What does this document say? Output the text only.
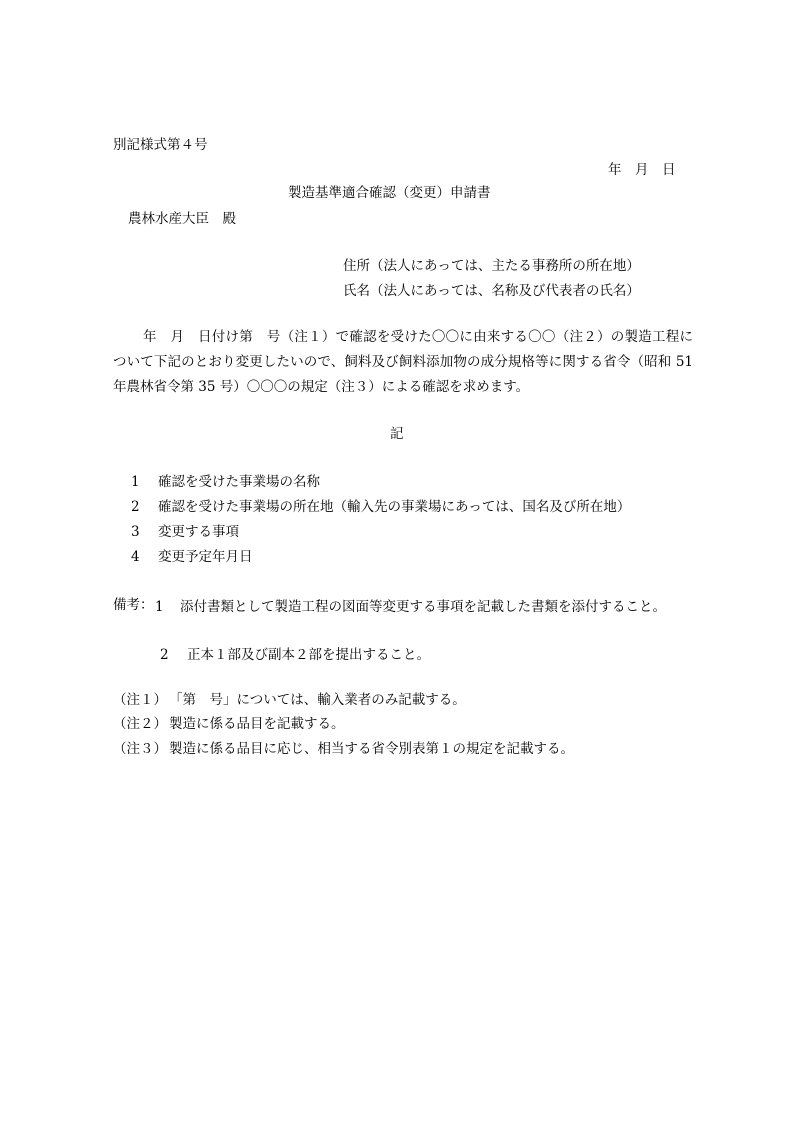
別記様式第４号
年　月　日
製造基準適合確認（変更）申請書
農林水産大臣　殿
住所（法人にあっては、主たる事務所の所在地）
氏名（法人にあっては、名称及び代表者の氏名）
年　月　日付け第　号（注１）で確認を受けた〇〇に由来する〇〇（注２）の製造工程について下記のとおり変更したいので、飼料及び飼料添加物の成分規格等に関する省令（昭和 51 年農林省令第 35 号）〇〇〇の規定（注３）による確認を求めます。
記
1	確認を受けた事業場の名称
2	確認を受けた事業場の所在地（輸入先の事業場にあっては、国名及び所在地）
3	変更する事項
4	変更予定年月日
備考： 1	添付書類として製造工程の図面等変更する事項を記載した書類を添付すること。
2	正本１部及び副本２部を提出すること。
（注１） 「第　号」については、輸入業者のみ記載する。
（注２） 製造に係る品目を記載する。
（注３） 製造に係る品目に応じ、相当する省令別表第１の規定を記載する。
